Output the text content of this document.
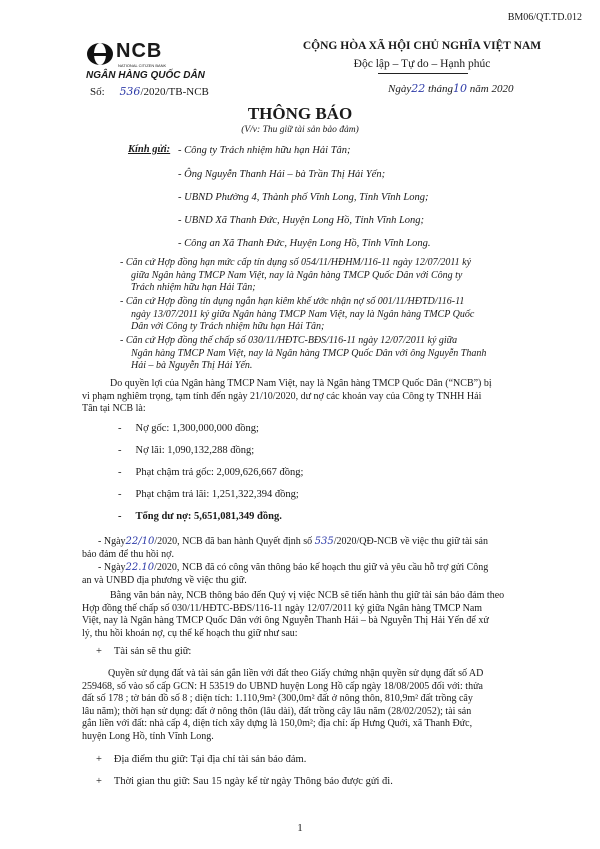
BM06/QT.TD.012
NCB
NATIONAL CITIZEN BANK
NGÂN HÀNG QUỐC DÂN
Số: 536/2020/TB-NCB
CỘNG HÒA XÃ HỘI CHỦ NGHĨA VIỆT NAM
Độc lập – Tự do – Hạnh phúc
Ngày22 tháng10 năm 2020
THÔNG BÁO
(V/v: Thu giữ tài sản bảo đảm)
Kính gửi: - Công ty Trách nhiệm hữu hạn Hải Tân;
- Ông Nguyễn Thanh Hải – bà Trần Thị Hải Yến;
- UBND Phường 4, Thành phố Vĩnh Long, Tỉnh Vĩnh Long;
- UBND Xã Thanh Đức, Huyện Long Hồ, Tỉnh Vĩnh Long;
- Công an Xã Thanh Đức, Huyện Long Hồ, Tỉnh Vĩnh Long.
- Căn cứ Hợp đồng hạn mức cấp tín dụng số 054/11/HĐHM/116-11 ngày 12/07/2011 ký
giữa Ngân hàng TMCP Nam Việt, nay là Ngân hàng TMCP Quốc Dân với Công ty
Trách nhiệm hữu hạn Hải Tân;
- Căn cứ Hợp đồng tín dụng ngắn hạn kiêm khế ước nhận nợ số 001/11/HĐTD/116-11
ngày 13/07/2011 ký giữa Ngân hàng TMCP Nam Việt, nay là Ngân hàng TMCP Quốc
Dân với Công ty Trách nhiệm hữu hạn Hải Tân;
- Căn cứ Hợp đồng thế chấp số 030/11/HĐTC-BĐS/116-11 ngày 12/07/2011 ký giữa
Ngân hàng TMCP Nam Việt, nay là Ngân hàng TMCP Quốc Dân với ông Nguyễn Thanh
Hải – bà Nguyễn Thị Hải Yến.
Do quyền lợi của Ngân hàng TMCP Nam Việt, nay là Ngân hàng TMCP Quốc Dân (“NCB”) bị
vi phạm nghiêm trọng, tạm tính đến ngày 21/10/2020, dư nợ các khoản vay của Công ty TNHH Hải
Tân tại NCB là:
- Nợ gốc: 1,300,000,000 đồng;
- Nợ lãi: 1,090,132,288 đồng;
- Phạt chậm trả gốc: 2,009,626,667 đồng;
- Phạt chậm trả lãi: 1,251,322,394 đồng;
- Tổng dư nợ: 5,651,081,349 đồng.
- Ngày22/10/2020, NCB đã ban hành Quyết định số 535/2020/QĐ-NCB về việc thu giữ tài sản
bảo đảm để thu hồi nợ.
- Ngày22.10/2020, NCB đã có công văn thông báo kế hoạch thu giữ và yêu cầu hỗ trợ gửi Công
an và UNBD địa phương về việc thu giữ.
Bằng văn bản này, NCB thông báo đến Quý vị việc NCB sẽ tiến hành thu giữ tài sản bảo đảm theo
Hợp đồng thế chấp số 030/11/HĐTC-BĐS/116-11 ngày 12/07/2011 ký giữa Ngân hàng TMCP Nam
Việt, nay là Ngân hàng TMCP Quốc Dân với ông Nguyễn Thanh Hải – bà Nguyễn Thị Hải Yến để xử
lý, thu hồi khoản nợ, cụ thể kế hoạch thu giữ như sau:
+ Tài sản sẽ thu giữ:
Quyền sử dụng đất và tài sản gắn liền với đất theo Giấy chứng nhận quyền sử dụng đất số AD
259468, số vào sổ cấp GCN: H 53519 do UBND huyện Long Hồ cấp ngày 18/08/2005 đối với: thửa
đất số 178 ; tờ bản đồ số 8 ; diện tích: 1.110,9m² (300,0m² đất ở nông thôn, 810,9m² đất trồng cây
lâu năm); thời hạn sử dụng: đất ở nông thôn (lâu dài), đất trồng cây lâu năm (28/02/2052); tài sản
gắn liền với đất: nhà cấp 4, diện tích xây dựng là 150,0m²; địa chỉ: ấp Hưng Quới, xã Thanh Đức,
huyện Long Hồ, tỉnh Vĩnh Long.
+ Địa điểm thu giữ: Tại địa chỉ tài sản bảo đảm.
+ Thời gian thu giữ: Sau 15 ngày kể từ ngày Thông báo được gửi đi.
1
